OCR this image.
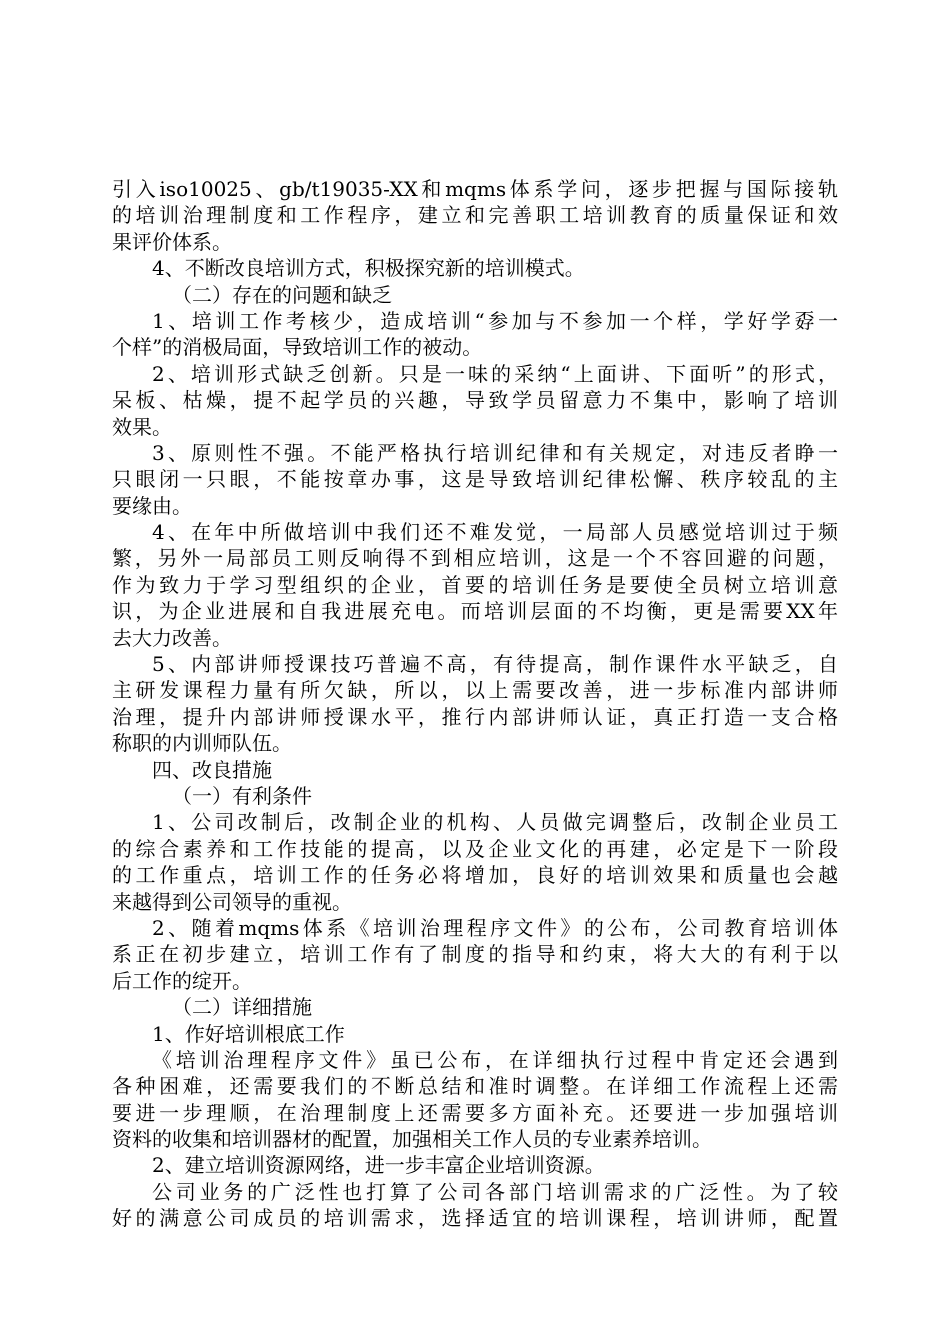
引入iso10025、gb/t19035-XX和mqms体系学问，逐步把握与国际接轨
的培训治理制度和工作程序，建立和完善职工培训教育的质量保证和效
果评价体系。
4、不断改良培训方式，积极探究新的培训模式。
（二）存在的问题和缺乏
1、培训工作考核少，造成培训“参加与不参加一个样，学好学孬一
个样”的消极局面，导致培训工作的被动。
2、培训形式缺乏创新。只是一味的采纳“上面讲、下面听”的形式，
呆板、枯燥，提不起学员的兴趣，导致学员留意力不集中，影响了培训
效果。
3、原则性不强。不能严格执行培训纪律和有关规定，对违反者睁一
只眼闭一只眼，不能按章办事，这是导致培训纪律松懈、秩序较乱的主
要缘由。
4、在年中所做培训中我们还不难发觉，一局部人员感觉培训过于频
繁，另外一局部员工则反响得不到相应培训，这是一个不容回避的问题，
作为致力于学习型组织的企业，首要的培训任务是要使全员树立培训意
识，为企业进展和自我进展充电。而培训层面的不均衡，更是需要XX年
去大力改善。
5、内部讲师授课技巧普遍不高，有待提高，制作课件水平缺乏，自
主研发课程力量有所欠缺，所以，以上需要改善，进一步标准内部讲师
治理，提升内部讲师授课水平，推行内部讲师认证，真正打造一支合格
称职的内训师队伍。
四、改良措施
（一）有利条件
1、公司改制后，改制企业的机构、人员做完调整后，改制企业员工
的综合素养和工作技能的提高，以及企业文化的再建，必定是下一阶段
的工作重点，培训工作的任务必将增加，良好的培训效果和质量也会越
来越得到公司领导的重视。
2、随着mqms体系《培训治理程序文件》的公布，公司教育培训体
系正在初步建立，培训工作有了制度的指导和约束，将大大的有利于以
后工作的绽开。
（二）详细措施
1、作好培训根底工作
《培训治理程序文件》虽已公布，在详细执行过程中肯定还会遇到
各种困难，还需要我们的不断总结和准时调整。在详细工作流程上还需
要进一步理顺，在治理制度上还需要多方面补充。还要进一步加强培训
资料的收集和培训器材的配置，加强相关工作人员的专业素养培训。
2、建立培训资源网络，进一步丰富企业培训资源。
公司业务的广泛性也打算了公司各部门培训需求的广泛性。为了较
好的满意公司成员的培训需求，选择适宜的培训课程，培训讲师，配置
